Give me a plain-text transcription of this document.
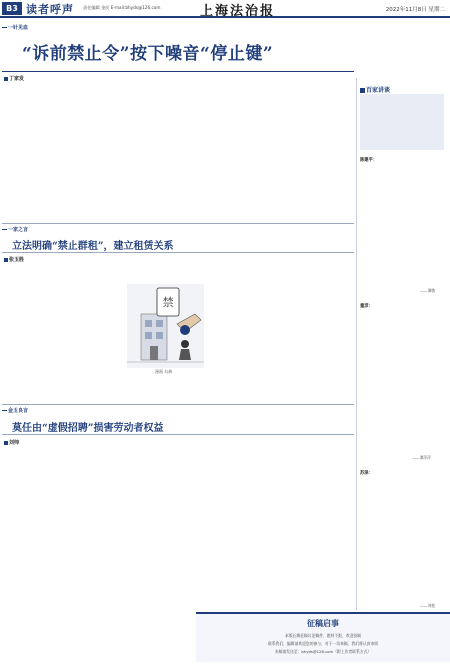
B3 读者呼声 责任编辑 金民 E-mail:bhyds@126.com	上海法治报	2022年11月8日 星期二
一针见血
“诉前禁止令”按下噪音“停止键”
丁家发
一家之言
立法明确“禁止群租”，建立租赁关系
张玉胜
禁
漫画 勾犇
金玉良言
莫任由“虚假招聘”损害劳动者权益
刘帅
百家讲谈
陈建平：
——谭敏
童彦：
——谭萍萍
苏泽：
——刘栓
征稿启事
本版长期征稿议论稿件，题材不限，欢迎投稿
联系我们，编辑部欢迎您的参与，对于一切来稿，我们将认真审阅
来稿请发送至：bhyds@126.com（附上作者联系方式）
